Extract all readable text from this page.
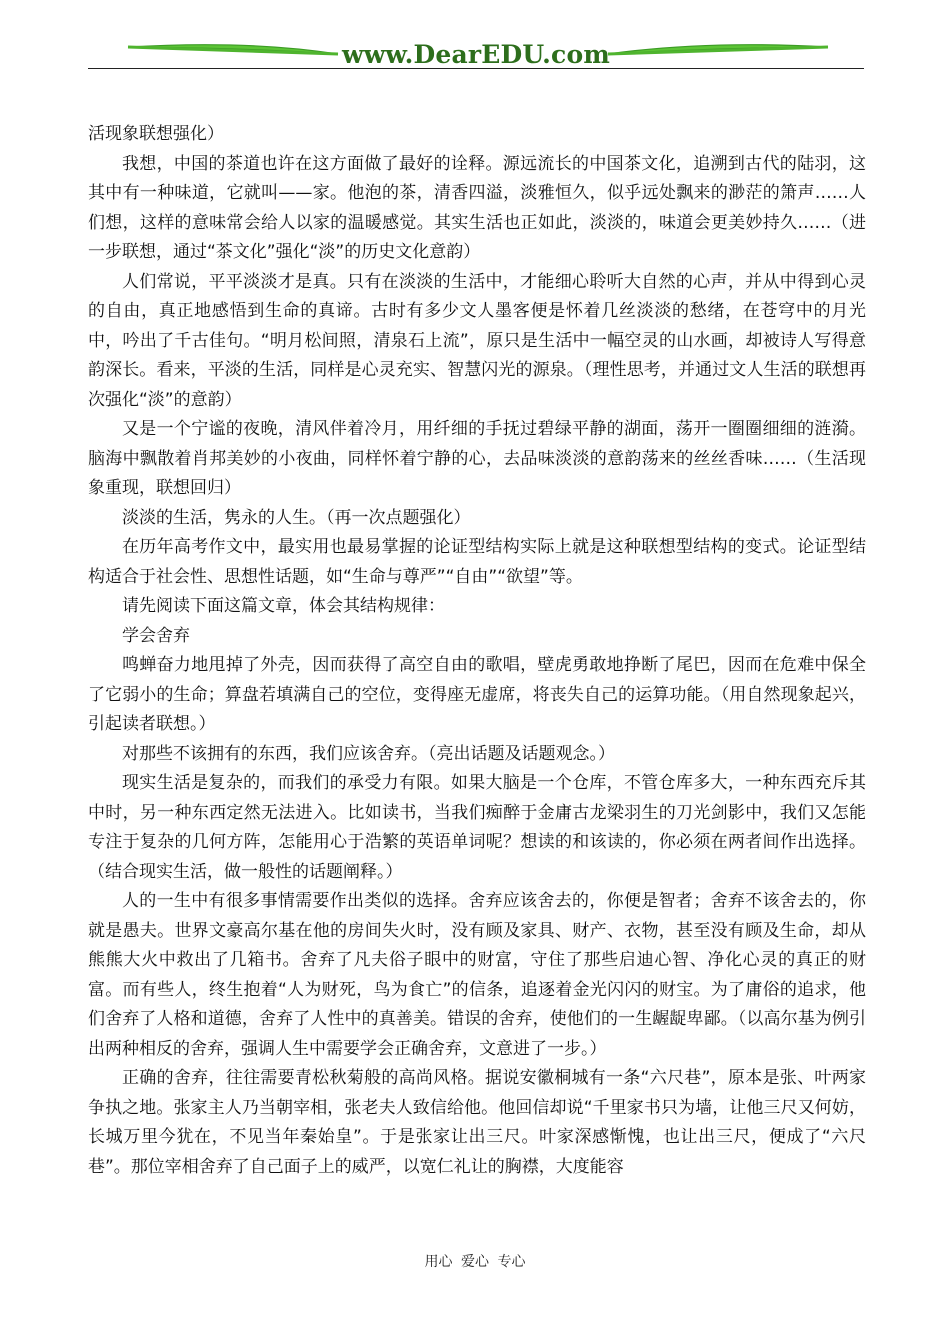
www.DearEDU.com

活现象联想强化）

我想，中国的茶道也许在这方面做了最好的诠释。源远流长的中国茶文化，追溯到古代的陆羽，这其中有一种味道，它就叫——家。他泡的茶，清香四溢，淡雅恒久，似乎远处飘来的渺茫的箫声……人们想，这样的意味常会给人以家的温暖感觉。其实生活也正如此，淡淡的，味道会更美妙持久……（进一步联想，通过“茶文化”强化“淡”的历史文化意韵）

人们常说，平平淡淡才是真。只有在淡淡的生活中，才能细心聆听大自然的心声，并从中得到心灵的自由，真正地感悟到生命的真谛。古时有多少文人墨客便是怀着几丝淡淡的愁绪，在苍穹中的月光中，吟出了千古佳句。“明月松间照，清泉石上流”，原只是生活中一幅空灵的山水画，却被诗人写得意韵深长。看来，平淡的生活，同样是心灵充实、智慧闪光的源泉。（理性思考，并通过文人生活的联想再次强化“淡”的意韵）

又是一个宁谧的夜晚，清风伴着冷月，用纤细的手抚过碧绿平静的湖面，荡开一圈圈细细的涟漪。脑海中飘散着肖邦美妙的小夜曲，同样怀着宁静的心，去品味淡淡的意韵荡来的丝丝香味……（生活现象重现，联想回归）

淡淡的生活，隽永的人生。（再一次点题强化）

在历年高考作文中，最实用也最易掌握的论证型结构实际上就是这种联想型结构的变式。论证型结构适合于社会性、思想性话题，如“生命与尊严”“自由”“欲望”等。

请先阅读下面这篇文章，体会其结构规律：

学会舍弃

鸣蝉奋力地甩掉了外壳，因而获得了高空自由的歌唱，壁虎勇敢地挣断了尾巴，因而在危难中保全了它弱小的生命；算盘若填满自己的空位，变得座无虚席，将丧失自己的运算功能。（用自然现象起兴，引起读者联想。）

对那些不该拥有的东西，我们应该舍弃。（亮出话题及话题观念。）

现实生活是复杂的，而我们的承受力有限。如果大脑是一个仓库，不管仓库多大，一种东西充斥其中时，另一种东西定然无法进入。比如读书，当我们痴醉于金庸古龙梁羽生的刀光剑影中，我们又怎能专注于复杂的几何方阵，怎能用心于浩繁的英语单词呢？想读的和该读的，你必须在两者间作出选择。（结合现实生活，做一般性的话题阐释。）

人的一生中有很多事情需要作出类似的选择。舍弃应该舍去的，你便是智者；舍弃不该舍去的，你就是愚夫。世界文豪高尔基在他的房间失火时，没有顾及家具、财产、衣物，甚至没有顾及生命，却从熊熊大火中救出了几箱书。舍弃了凡夫俗子眼中的财富，守住了那些启迪心智、净化心灵的真正的财富。而有些人，终生抱着“人为财死，鸟为食亡”的信条，追逐着金光闪闪的财宝。为了庸俗的追求，他们舍弃了人格和道德，舍弃了人性中的真善美。错误的舍弃，使他们的一生龌龊卑鄙。（以高尔基为例引出两种相反的舍弃，强调人生中需要学会正确舍弃，文意进了一步。）

正确的舍弃，往往需要青松秋菊般的高尚风格。据说安徽桐城有一条“六尺巷”，原本是张、叶两家争执之地。张家主人乃当朝宰相，张老夫人致信给他。他回信却说“千里家书只为墙，让他三尺又何妨，长城万里今犹在，不见当年秦始皇”。于是张家让出三尺。叶家深感惭愧，也让出三尺，便成了“六尺巷”。那位宰相舍弃了自己面子上的威严，以宽仁礼让的胸襟，大度能容

用心 爱心 专心
